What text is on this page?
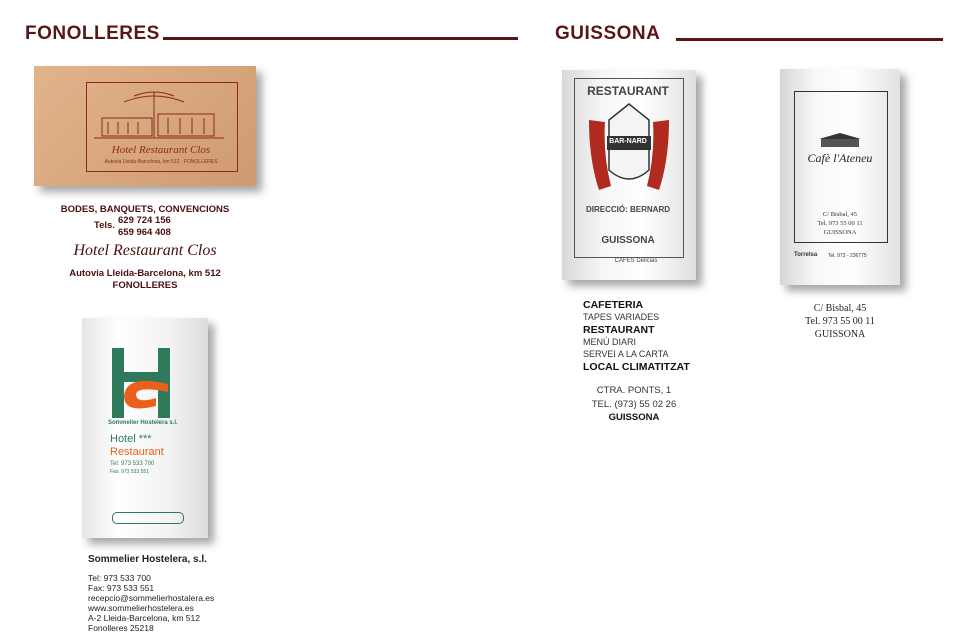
FONOLLERES	GUISSONA
Hotel Restaurant Clos
Autovia Lleida-Barcelona, km 512 · FONOLLERES
BODES, BANQUETS, CONVENCIONS
Tels. 629 724 156
659 964 408
Hotel Restaurant Clos
Autovia Lleida-Barcelona, km 512
FONOLLERES
Sommelier Hostelera s.l.
Hotel ***
Restaurant
Tel: 973 533 700
Fax: 973 533 551
Sommelier Hostelera, s.l.
Tel: 973 533 700
Fax: 973 533 551
recepcio@sommelierhostalera.es
www.sommelierhostelera.es
A-2 Lleida-Barcelona, km 512
Fonolleres 25218
RESTAURANT
BAR-NARD
DIRECCIÓ: BERNARD
GUISSONA
CAFES Délicias
CAFETERIA
TAPES VARIADES
RESTAURANT
MENÚ DIARI
SERVEI A LA CARTA
LOCAL CLIMATITZAT
CTRA. PONTS, 1
TEL. (973) 55 02 26
GUISSONA
Cafè l'Ateneu
C/ Bisbal, 45
Tel. 973 55 00 11
GUISSONA
Torrelsa Tel. 973 - 236775
C/ Bisbal, 45
Tel. 973 55 00 11
GUISSONA
